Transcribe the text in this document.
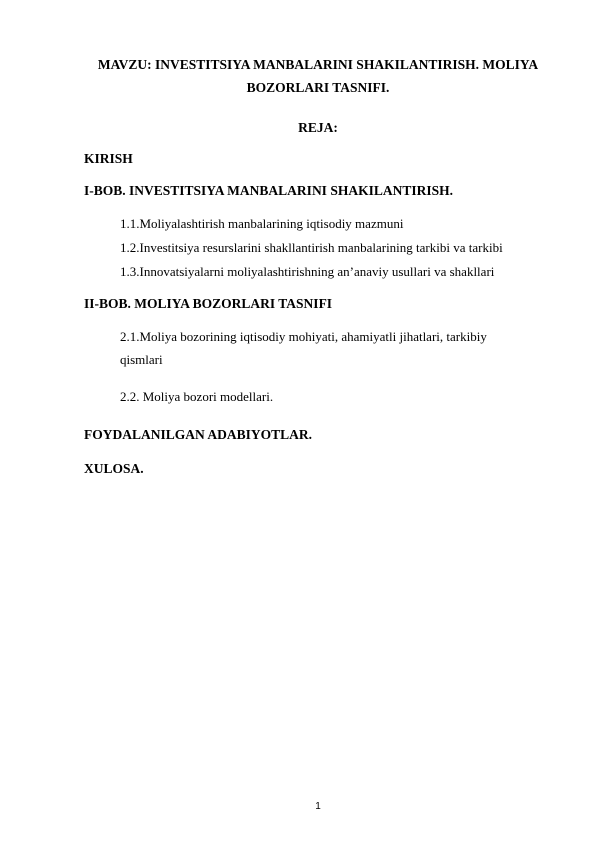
MAVZU: INVESTITSIYA MANBALARINI SHAKILANTIRISH. MOLIYA
BOZORLARI TASNIFI.
REJA:
KIRISH
I-BOB. INVESTITSIYA MANBALARINI SHAKILANTIRISH.
1.1.Moliyalashtirish manbalarining iqtisodiy mazmuni
1.2.Investitsiya resurslarini shakllantirish manbalarining tarkibi va tarkibi
1.3.Innovatsiyalarni moliyalashtirishning an’anaviy usullari va shakllari
II-BOB. MOLIYA BOZORLARI TASNIFI
2.1.Moliya bozorining iqtisodiy mohiyati, ahamiyatli jihatlari, tarkibiy
qismlari
2.2. Moliya bozori modellari.
FOYDALANILGAN ADABIYOTLAR.
XULOSA.
1
